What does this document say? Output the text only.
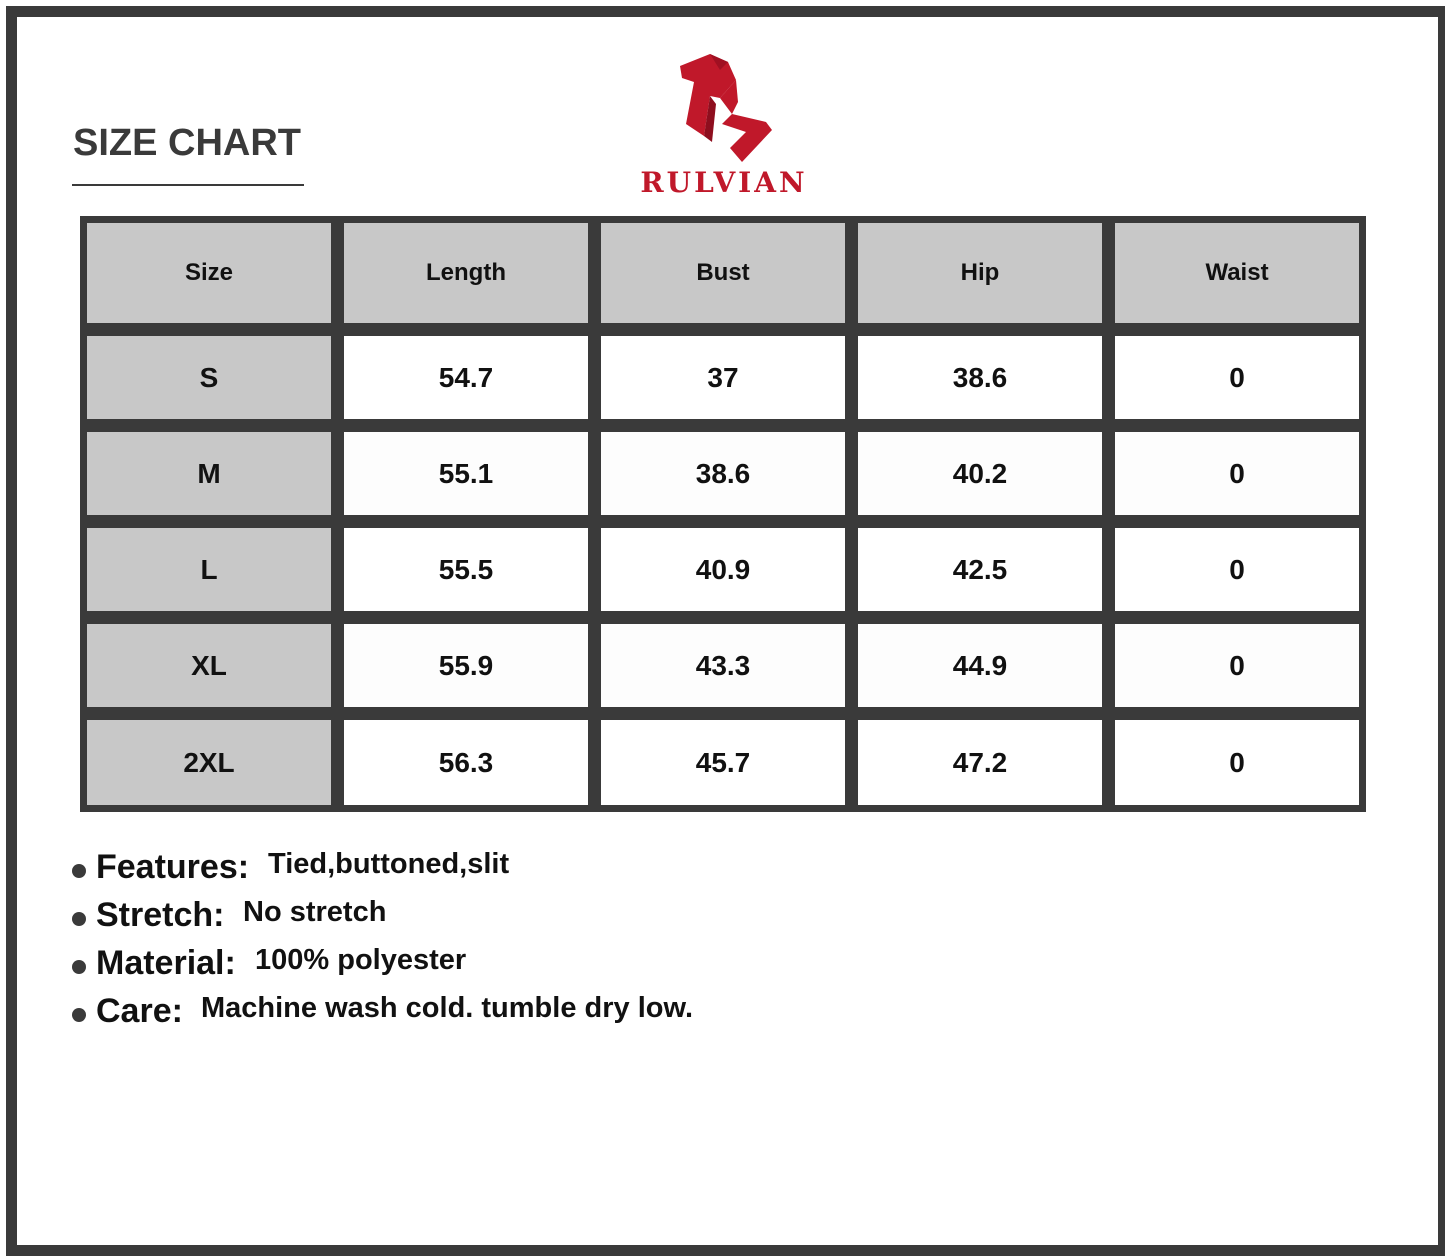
SIZE CHART
RULVIAN
Size	Length	Bust	Hip	Waist
S	54.7	37	38.6	0
M	55.1	38.6	40.2	0
L	55.5	40.9	42.5	0
XL	55.9	43.3	44.9	0
2XL	56.3	45.7	47.2	0
Features: Tied,buttoned,slit
Stretch: No stretch
Material: 100% polyester
Care: Machine wash cold. tumble dry low.
